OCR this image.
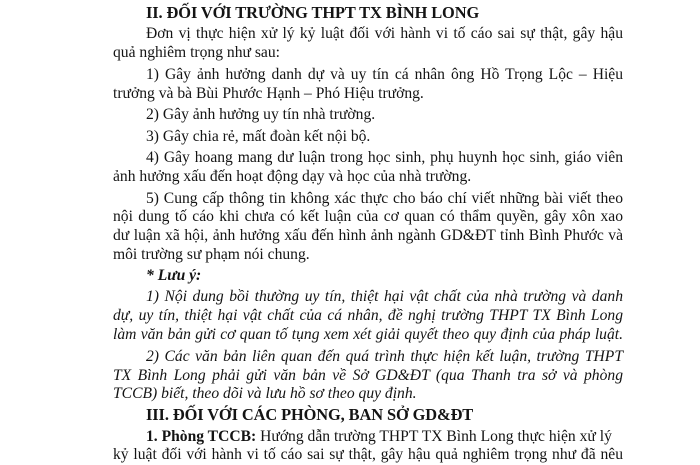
II. ĐỐI VỚI TRƯỜNG THPT TX BÌNH LONG
Đơn vị thực hiện xử lý kỷ luật đối với hành vi tố cáo sai sự thật, gây hậu
quả nghiêm trọng như sau:
1) Gây ảnh hưởng danh dự và uy tín cá nhân ông Hồ Trọng Lộc – Hiệu
trưởng và bà Bùi Phước Hạnh – Phó Hiệu trưởng.
2) Gây ảnh hưởng uy tín nhà trường.
3) Gây chia rẻ, mất đoàn kết nội bộ.
4) Gây hoang mang dư luận trong học sinh, phụ huynh học sinh, giáo viên
ảnh hưởng xấu đến hoạt động dạy và học của nhà trường.
5) Cung cấp thông tin không xác thực cho báo chí viết những bài viết theo
nội dung tố cáo khi chưa có kết luận của cơ quan có thẩm quyền, gây xôn xao
dư luận xã hội, ảnh hưởng xấu đến hình ảnh ngành GD&ĐT tỉnh Bình Phước và
môi trường sư phạm nói chung.
* Lưu ý:
1) Nội dung bồi thường uy tín, thiệt hại vật chất của nhà trường và danh
dự, uy tín, thiệt hại vật chất của cá nhân, đề nghị trường THPT TX Bình Long
làm văn bản gửi cơ quan tố tụng xem xét giải quyết theo quy định của pháp luật.
2) Các văn bản liên quan đến quá trình thực hiện kết luận, trường THPT
TX Bình Long phải gửi văn bản về Sở GD&ĐT (qua Thanh tra sở và phòng
TCCB) biết, theo dõi và lưu hồ sơ theo quy định.
III. ĐỐI VỚI CÁC PHÒNG, BAN SỞ GD&ĐT
1. Phòng TCCB: Hướng dẫn trường THPT TX Bình Long thực hiện xử lý
kỷ luật đối với hành vi tố cáo sai sự thật, gây hậu quả nghiêm trọng như đã nêu
